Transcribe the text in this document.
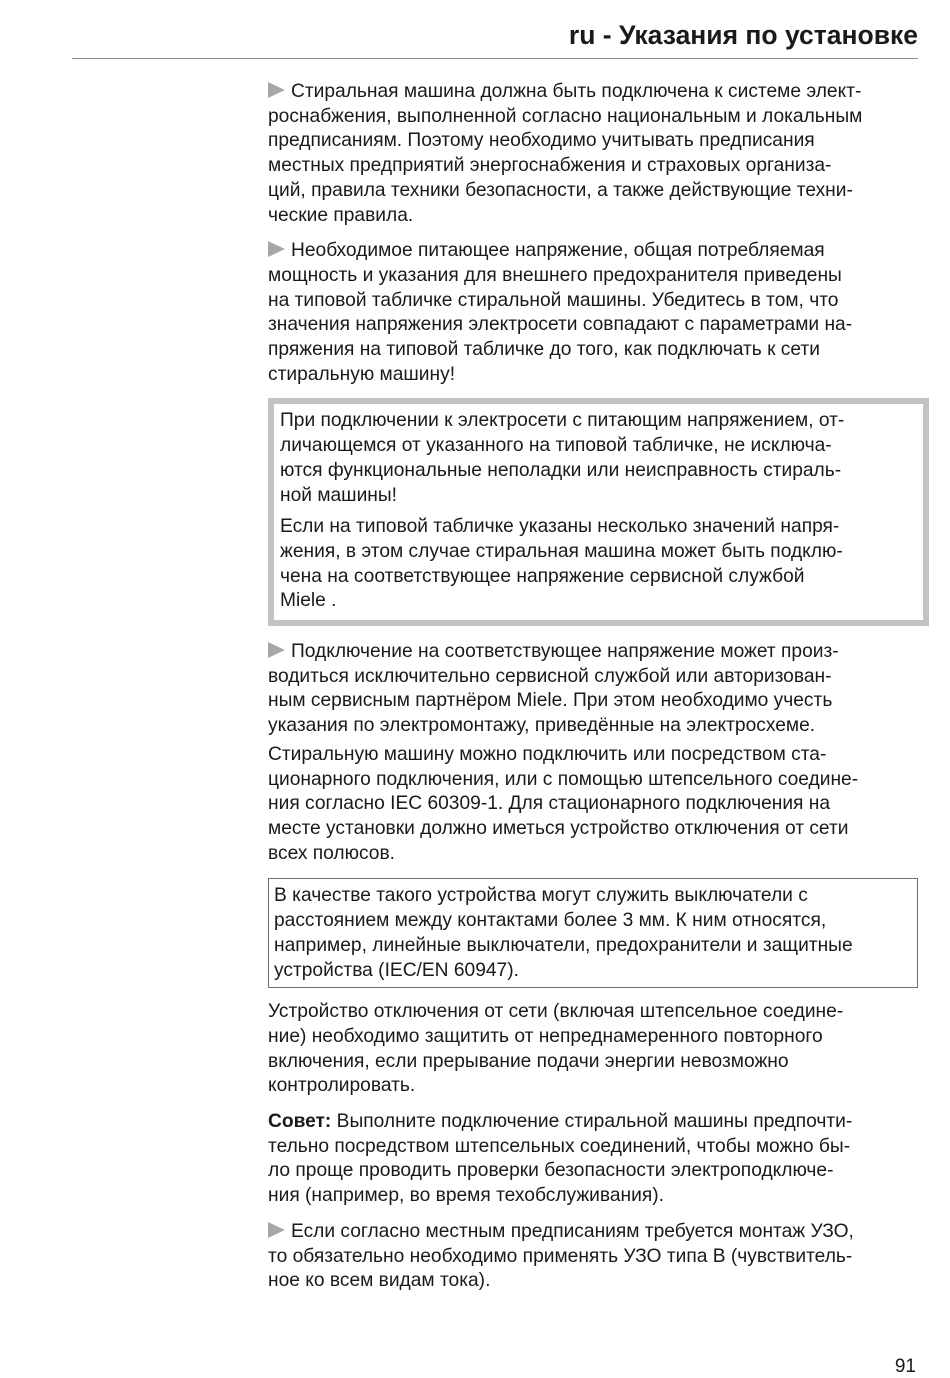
ru - Указания по установке
Стиральная машина должна быть подключена к системе элект-
роснабжения, выполненной согласно национальным и локальным
предписаниям. Поэтому необходимо учитывать предписания
местных предприятий энергоснабжения и страховых организа-
ций, правила техники безопасности, а также действующие техни-
ческие правила.
Необходимое питающее напряжение, общая потребляемая
мощность и указания для внешнего предохранителя приведены
на типовой табличке стиральной машины. Убедитесь в том, что
значения напряжения электросети совпадают с параметрами на-
пряжения на типовой табличке до того, как подключать к сети
стиральную машину!
При подключении к электросети с питающим напряжением, от-
личающемся от указанного на типовой табличке, не исключа-
ются функциональные неполадки или неисправность стираль-
ной машины!
Если на типовой табличке указаны несколько значений напря-
жения, в этом случае стиральная машина может быть подклю-
чена на соответствующее напряжение сервисной службой
Miele .
Подключение на соответствующее напряжение может произ-
водиться исключительно сервисной службой или авторизован-
ным сервисным партнёром Miele. При этом необходимо учесть
указания по электромонтажу, приведённые на электросхеме.
Стиральную машину можно подключить или посредством ста-
ционарного подключения, или с помощью штепсельного соедине-
ния согласно IEC 60309-1. Для стационарного подключения на
месте установки должно иметься устройство отключения от сети
всех полюсов.
В качестве такого устройства могут служить выключатели с
расстоянием между контактами более 3 мм. К ним относятся,
например, линейные выключатели, предохранители и защитные
устройства (IEC/EN 60947).
Устройство отключения от сети (включая штепсельное соедине-
ние) необходимо защитить от непреднамеренного повторного
включения, если прерывание подачи энергии невозможно
контролировать.
Совет: Выполните подключение стиральной машины предпочти-
тельно посредством штепсельных соединений, чтобы можно бы-
ло проще проводить проверки безопасности электроподключе-
ния (например, во время техобслуживания).
Если согласно местным предписаниям требуется монтаж УЗО,
то обязательно необходимо применять УЗО типа B (чувствитель-
ное ко всем видам тока).
91
